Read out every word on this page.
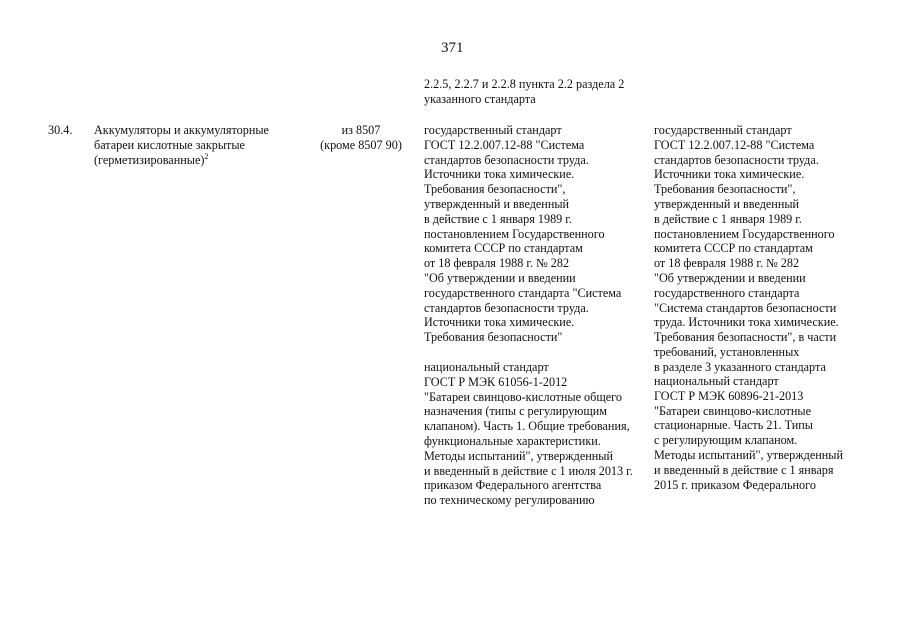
371
2.2.5, 2.2.7 и 2.2.8 пункта 2.2 раздела 2
указанного стандарта
30.4. Аккумуляторы и аккумуляторные
батареи кислотные закрытые
(герметизированные)$^2$
из 8507
(кроме 8507 90)
государственный стандарт
ГОСТ 12.2.007.12-88 "Система
стандартов безопасности труда.
Источники тока химические.
Требования безопасности",
утвержденный и введенный
в действие с 1 января 1989 г.
постановлением Государственного
комитета СССР по стандартам
от 18 февраля 1988 г. № 282
"Об утверждении и введении
государственного стандарта "Система
стандартов безопасности труда.
Источники тока химические.
Требования безопасности"
национальный стандарт
ГОСТ Р МЭК 61056-1-2012
"Батареи свинцово-кислотные общего
назначения (типы с регулирующим
клапаном). Часть 1. Общие требования,
функциональные характеристики.
Методы испытаний", утвержденный
и введенный в действие с 1 июля 2013 г.
приказом Федерального агентства
по техническому регулированию
государственный стандарт
ГОСТ 12.2.007.12-88 "Система
стандартов безопасности труда.
Источники тока химические.
Требования безопасности",
утвержденный и введенный
в действие с 1 января 1989 г.
постановлением Государственного
комитета СССР по стандартам
от 18 февраля 1988 г. № 282
"Об утверждении и введении
государственного стандарта
"Система стандартов безопасности
труда. Источники тока химические.
Требования безопасности", в части
требований, установленных
в разделе 3 указанного стандарта
национальный стандарт
ГОСТ Р МЭК 60896-21-2013
"Батареи свинцово-кислотные
стационарные. Часть 21. Типы
с регулирующим клапаном.
Методы испытаний", утвержденный
и введенный в действие с 1 января
2015 г. приказом Федерального
